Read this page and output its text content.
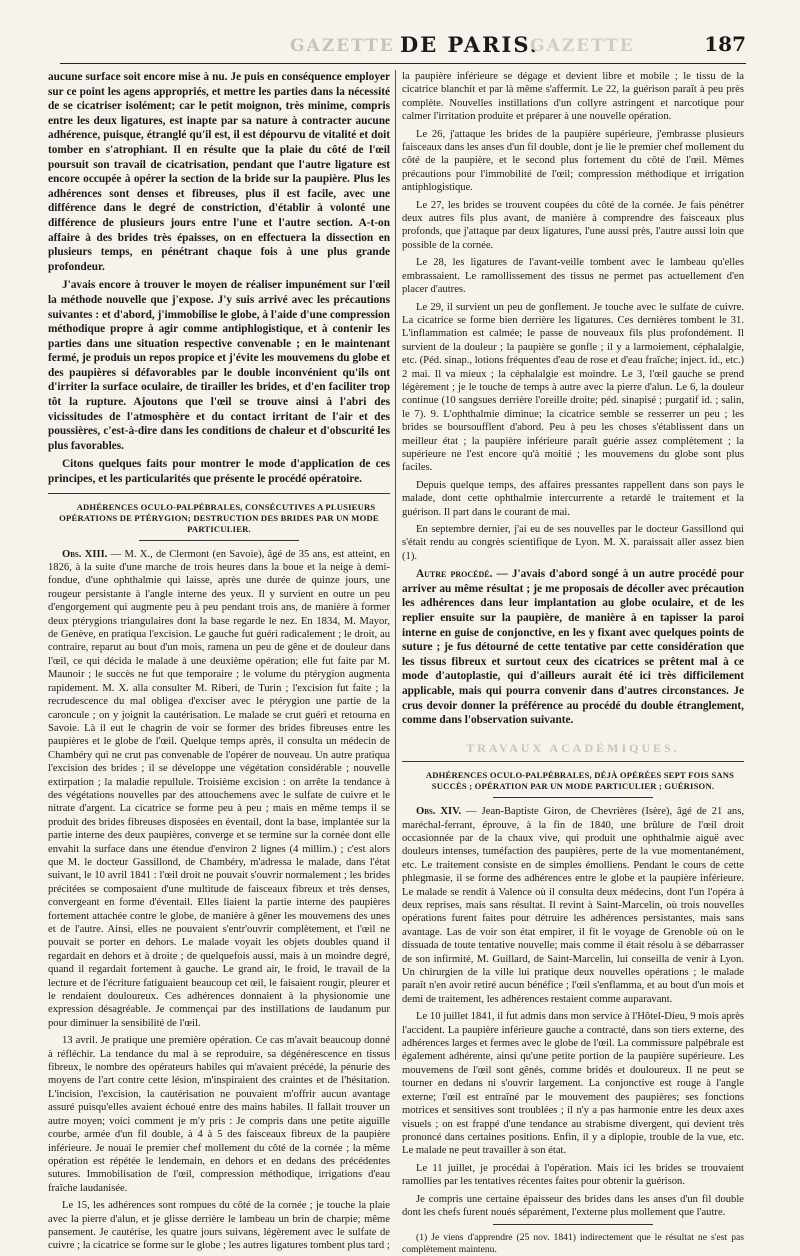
GAZETTE DE PARIS.
GAZETTE	187

aucune surface soit encore mise à nu. Je puis en conséquence employer sur ce point les agens appropriés, et mettre les parties dans la nécessité de se cicatriser isolément; car le petit moignon, très minime, compris entre les deux ligatures, est inapte par sa nature à contracter aucune adhérence, puisque, étranglé qu'il est, il est dépourvu de vitalité et doit tomber en s'atrophiant. Il en résulte que la plaie du côté de l'œil poursuit son travail de cicatrisation, pendant que l'autre ligature est encore occupée à opérer la section de la bride sur la paupière. Plus les adhérences sont denses et fibreuses, plus il est facile, avec une différence dans le degré de constriction, d'établir à volonté une différence de plusieurs jours entre l'une et l'autre section. A-t-on affaire à des brides très épaisses, on en effectuera la dissection en plusieurs temps, en pénétrant chaque fois à une plus grande profondeur.

J'avais encore à trouver le moyen de réaliser impunément sur l'œil la méthode nouvelle que j'expose. J'y suis arrivé avec les précautions suivantes : et d'abord, j'immobilise le globe, à l'aide d'une compression méthodique propre à agir comme antiphlogistique, et à contenir les parties dans une situation respective convenable ; en le maintenant fermé, je produis un repos propice et j'évite les mouvemens du globe et des paupières si défavorables par le double inconvénient qu'ils ont d'irriter la surface oculaire, de tirailler les brides, et d'en faciliter trop tôt la rupture. Ajoutons que l'œil se trouve ainsi à l'abri des vicissitudes de l'atmosphère et du contact irritant de l'air et des poussières, c'est-à-dire dans les conditions de chaleur et d'obscurité les plus favorables.

Citons quelques faits pour montrer le mode d'application de ces principes, et les particularités que présente le procédé opératoire.

ADHÉRENCES OCULO-PALPÉBRALES, CONSÉCUTIVES A PLUSIEURS OPÉRATIONS DE PTÉRYGION; DESTRUCTION DES BRIDES PAR UN MODE PARTICULIER.

Obs. XIII. — M. X., de Clermont (en Savoie), âgé de 35 ans, est atteint, en 1826, à la suite d'une marche de trois heures dans la boue et la neige à demi-fondue, d'une ophthalmie qui laisse, après une durée de quinze jours, une rougeur persistante à l'angle interne des yeux. Il y survient en outre un peu d'engorgement qui augmente peu à peu pendant trois ans, de manière à former deux ptérygions triangulaires dont la base regarde le nez. En 1834, M. Mayor, de Genève, en pratiqua l'excision. Le gauche fut guéri radicalement ; le droit, au contraire, reparut au bout d'un mois, ramena un peu de gêne et de douleur dans l'œil, ce qui décida le malade à une deuxième opération; elle fut faite par M. Maunoir ; le succès ne fut que temporaire ; le volume du ptérygion augmenta rapidement. M. X. alla consulter M. Riberi, de Turin ; l'excision fut faite ; la recrudescence du mal obligea d'exciser avec le ptérygion une partie de la caroncule ; on y joignit la cautérisation. Le malade se crut guéri et retourna en Savoie. Là il eut le chagrin de voir se former des brides fibreuses entre les paupières et le globe de l'œil. Quelque temps après, il consulta un médecin de Chambéry qui ne crut pas convenable de l'opérer de nouveau. Un autre pratiqua l'excision des brides ; il se développe une végétation considérable ; nouvelle extirpation ; la maladie repullule. Troisième excision : on arrête la tendance à des végétations nouvelles par des attouchemens avec le sulfate de cuivre et le nitrate d'argent. La cicatrice se forme peu à peu ; mais en même temps il se produit des brides fibreuses disposées en éventail, dont la base, implantée sur la partie interne des deux paupières, converge et se termine sur la cornée dont elle envahit la surface dans une étendue d'environ 2 lignes (4 millim.) ; c'est alors que M. le docteur Gassillond, de Chambéry, m'adressa le malade, dans l'état suivant, le 10 avril 1841 : l'œil droit ne pouvait s'ouvrir normalement ; les brides précitées se composaient d'une multitude de faisceaux fibreux et très denses, convergeant en forme d'éventail. Elles liaient la partie interne des paupières fortement attachée contre le globe, de manière à gêner les mouvemens des unes et de l'autre. Ainsi, elles ne pouvaient s'entr'ouvrir complètement, et l'œil ne pouvait se porter en dehors. Le malade voyait les objets doubles quand il regardait en dehors et à droite ; de quelquefois aussi, mais à un moindre degré, quand il regardait fortement à gauche. Le grand air, le froid, le travail de la lecture et de l'écriture fatiguaient beaucoup cet œil, le faisaient rougir, pleurer et le rendaient douloureux. Ces adhérences donnaient à la physionomie une expression désagréable. Je commençai par des instillations de laudanum pur pour diminuer la sensibilité de l'œil.

13 avril. Je pratique une première opération. Ce cas m'avait beaucoup donné à réfléchir. La tendance du mal à se reproduire, sa dégénérescence en tissus fibreux, le nombre des opérateurs habiles qui m'avaient précédé, la pénurie des moyens de l'art contre cette lésion, m'inspiraient des craintes et de l'hésitation. L'incision, l'excision, la cautérisation ne pouvaient m'offrir aucun avantage assuré puisqu'elles avaient échoué entre des mains habiles. Il fallait trouver un autre moyen; voici comment je m'y pris : Je compris dans une petite aiguille courbe, armée d'un fil double, à 4 à 5 des faisceaux fibreux de la paupière inférieure. Je nouai le premier chef mollement du côté de la cornée ; la même opération est répétée le lendemain, en dehors et en dedans des précédentes sutures. Immobilisation de l'œil, compression méthodique, irrigations d'eau fraîche laudanisée.

Le 15, les adhérences sont rompues du côté de la cornée ; je touche la plaie avec la pierre d'alun, et je glisse derrière le lambeau un brin de charpie; même pansement. Je cautérise, les quatre jours suivans, légèrement avec le sulfate de cuivre ; la cicatrice se forme sur le globe ; les autres ligatures tombent plus tard ;

la paupière inférieure se dégage et devient libre et mobile ; le tissu de la cicatrice blanchit et par là même s'affermit. Le 22, la guérison paraît à peu près complète. Nouvelles instillations d'un collyre astringent et narcotique pour calmer l'irritation produite et préparer à une nouvelle opération.

Le 26, j'attaque les brides de la paupière supérieure, j'embrasse plusieurs faisceaux dans les anses d'un fil double, dont je lie le premier chef mollement du côté de la paupière, et le second plus fortement du côté de l'œil. Mêmes précautions pour l'immobilité de l'œil; compression méthodique et irrigation antiphlogistique.

Le 27, les brides se trouvent coupées du côté de la cornée. Je fais pénétrer deux autres fils plus avant, de manière à comprendre des faisceaux plus profonds, que j'attaque par deux ligatures, l'une aussi près, l'autre aussi loin que possible de la cornée.

Le 28, les ligatures de l'avant-veille tombent avec le lambeau qu'elles embrassaient. Le ramollissement des tissus ne permet pas actuellement d'en placer d'autres.

Le 29, il survient un peu de gonflement. Je touche avec le sulfate de cuivre. La cicatrice se forme bien derrière les ligatures. Ces dernières tombent le 31. L'inflammation est calmée; le passe de nouveaux fils plus profondément. Il survient de la douleur ; la paupière se gonfle ; il y a larmoiement, céphalalgie, etc. (Péd. sinap., lotions fréquentes d'eau de rose et d'eau fraîche; inject. id., etc.) 2 mai. Il va mieux ; la céphalalgie est moindre. Le 3, l'œil gauche se prend légèrement ; je le touche de temps à autre avec la pierre d'alun. Le 6, la douleur continue (10 sangsues derrière l'oreille droite; péd. sinapisé ; purgatif id. ; salin, le 7). 9. L'ophthalmie diminue; la cicatrice semble se resserrer un peu ; les brides se boursoufflent d'abord. Peu à peu les choses s'établissent dans un meilleur état ; la paupière inférieure paraît guérie assez complètement ; la supérieure ne l'est encore qu'à moitié ; les mouvemens du globe sont plus faciles.

Depuis quelque temps, des affaires pressantes rappellent dans son pays le malade, dont cette ophthalmie intercurrente a retardé le traitement et la guérison. Il part dans le courant de mai.

En septembre dernier, j'ai eu de ses nouvelles par le docteur Gassillond qui s'était rendu au congrès scientifique de Lyon. M. X. paraissait aller assez bien (1).

Autre procédé. — J'avais d'abord songé à un autre procédé pour arriver au même résultat ; je me proposais de décoller avec précaution les adhérences dans leur implantation au globe oculaire, et de les replier ensuite sur la paupière, de manière à en tapisser la paroi interne en guise de conjonctive, en les y fixant avec quelques points de suture ; je fus détourné de cette tentative par cette considération que les tissus fibreux et surtout ceux des cicatrices se prêtent mal à ce mode d'autoplastie, qui d'ailleurs aurait été ici très difficilement applicable, mais qui pourra convenir dans d'autres circonstances. Je crus devoir donner la préférence au procédé du double étranglement, comme dans l'observation suivante.

TRAVAUX ACADÉMIQUES.

ADHÉRENCES OCULO-PALPÉBRALES, DÉJÀ OPÉRÉES SEPT FOIS SANS SUCCÈS ; OPÉRATION PAR UN MODE PARTICULIER ; GUÉRISON.

Obs. XIV. — Jean-Baptiste Giron, de Chevrières (Isère), âgé de 21 ans, maréchal-ferrant, éprouve, à la fin de 1840, une brûlure de l'œil droit occasionnée par de la chaux vive, qui produit une ophthalmie aiguë avec douleurs intenses, tuméfaction des paupières, perte de la vue momentanément, etc. Le traitement consiste en de simples émolliens. Pendant le cours de cette phlegmasie, il se forme des adhérences entre le globe et la paupière inférieure. Le malade se rendit à Valence où il consulta deux médecins, dont l'un l'opéra à deux reprises, mais sans résultat. Il revint à Saint-Marcelin, où trois nouvelles opérations furent faites pour détruire les adhérences persistantes, mais sans avantage. Las de voir son état empirer, il fit le voyage de Grenoble où on le dissuada de toute tentative nouvelle; mais comme il était résolu à se débarrasser de son infirmité, M. Guillard, de Saint-Marcelin, lui conseilla de venir à Lyon. Un chirurgien de la ville lui pratique deux nouvelles opérations ; le malade paraît n'en avoir retiré aucun bénéfice ; l'œil s'enflamma, et au bout d'un mois et demi de traitement, les adhérences restaient comme auparavant.

Le 10 juillet 1841, il fut admis dans mon service à l'Hôtel-Dieu, 9 mois après l'accident. La paupière inférieure gauche a contracté, dans son tiers externe, des adhérences larges et fermes avec le globe de l'œil. La commissure palpébrale est également adhérente, ainsi qu'une petite portion de la paupière supérieure. Les mouvemens de l'œil sont gênés, comme bridés et douloureux. Il ne peut se tourner en dedans ni s'ouvrir largement. La conjonctive est rouge à l'angle externe; l'œil est entraîné par le mouvement des paupières; ses fonctions motrices et sensitives sont troublées ; il n'y a pas harmonie entre les deux axes visuels ; on est frappé d'une tendance au strabisme divergent, qui devient très prononcé dans certaines positions. Enfin, il y a diplopie, trouble de la vue, etc. Le malade ne peut travailler à son état.

Le 11 juillet, je procédai à l'opération. Mais ici les brides se trouvaient ramollies par les tentatives récentes faites pour obtenir la guérison.

Je compris une certaine épaisseur des brides dans les anses d'un fil double dont les chefs furent noués séparément, l'externe plus mollement que l'autre.

(1) Je viens d'apprendre (25 nov. 1841) indirectement que le résultat ne s'est pas complètement maintenu.
